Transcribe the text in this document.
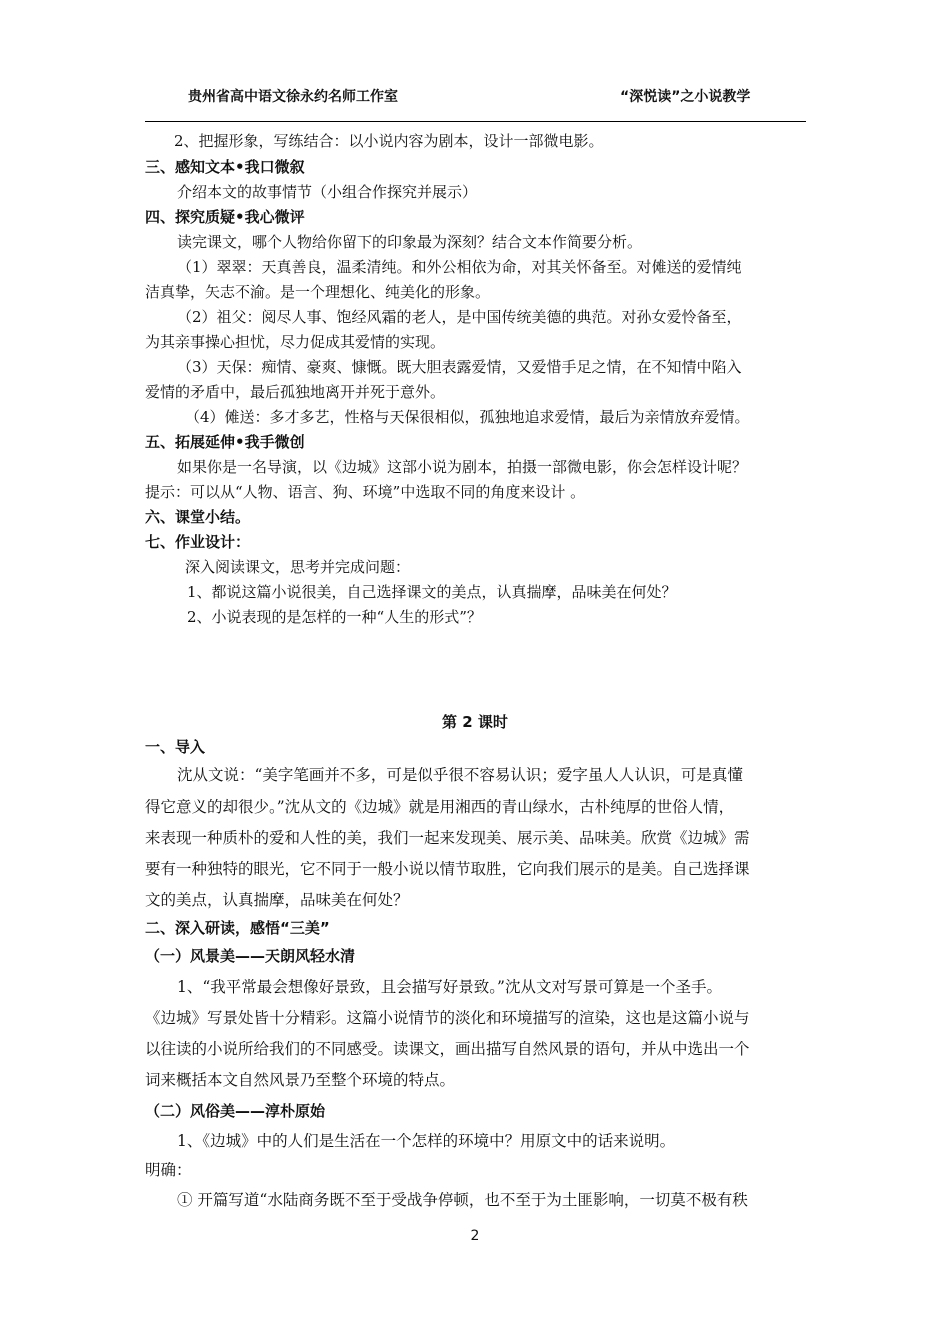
贵州省高中语文徐永约名师工作室	“深悦读”之小说教学
2、把握形象，写练结合：以小说内容为剧本，设计一部微电影。
三、感知文本•我口微叙
介绍本文的故事情节（小组合作探究并展示）
四、探究质疑•我心微评
读完课文，哪个人物给你留下的印象最为深刻？结合文本作简要分析。
（1）翠翠：天真善良，温柔清纯。和外公相依为命，对其关怀备至。对傩送的爱情纯
洁真挚，矢志不渝。是一个理想化、纯美化的形象。
（2）祖父：阅尽人事、饱经风霜的老人，是中国传统美德的典范。对孙女爱怜备至，
为其亲事操心担忧，尽力促成其爱情的实现。
（3）天保：痴情、豪爽、慷慨。既大胆表露爱情，又爱惜手足之情，在不知情中陷入
爱情的矛盾中，最后孤独地离开并死于意外。
（4）傩送：多才多艺，性格与天保很相似，孤独地追求爱情，最后为亲情放弃爱情。
五、拓展延伸•我手微创
如果你是一名导演，以《边城》这部小说为剧本，拍摄一部微电影，你会怎样设计呢？
提示：可以从“人物、语言、狗、环境”中选取不同的角度来设计 。
六、课堂小结。
七、作业设计：
深入阅读课文，思考并完成问题：
1、都说这篇小说很美，自己选择课文的美点，认真揣摩，品味美在何处？
2、小说表现的是怎样的一种“人生的形式”？
第 2 课时
一、导入
沈从文说：“美字笔画并不多，可是似乎很不容易认识；爱字虽人人认识，可是真懂
得它意义的却很少。”沈从文的《边城》就是用湘西的青山绿水，古朴纯厚的世俗人情，
来表现一种质朴的爱和人性的美，我们一起来发现美、展示美、品味美。欣赏《边城》需
要有一种独特的眼光，它不同于一般小说以情节取胜，它向我们展示的是美。自己选择课
文的美点，认真揣摩，品味美在何处？
二、深入研读，感悟“三美”
（一）风景美——天朗风轻水清
1、“我平常最会想像好景致，且会描写好景致。”沈从文对写景可算是一个圣手。
《边城》写景处皆十分精彩。这篇小说情节的淡化和环境描写的渲染，这也是这篇小说与
以往读的小说所给我们的不同感受。读课文，画出描写自然风景的语句，并从中选出一个
词来概括本文自然风景乃至整个环境的特点。
（二）风俗美——淳朴原始
1、《边城》中的人们是生活在一个怎样的环境中？用原文中的话来说明。
明确：
① 开篇写道“水陆商务既不至于受战争停顿，也不至于为土匪影响，一切莫不极有秩
2
